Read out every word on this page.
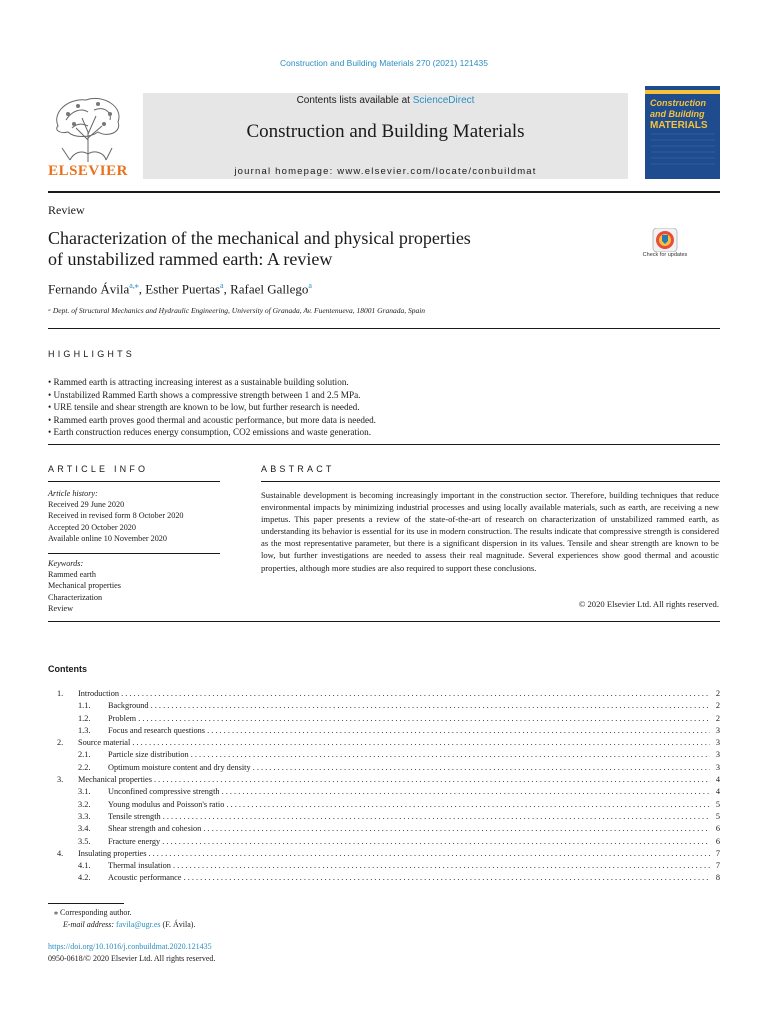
Construction and Building Materials 270 (2021) 121435
ELSEVIER
Contents lists available at ScienceDirect
Construction and Building Materials
journal homepage: www.elsevier.com/locate/conbuildmat
Construction
and Building
MATERIALS
Review
Characterization of the mechanical and physical properties
of unstabilized rammed earth: A review	Check for updates
Fernando Ávila$^{a,⁎}$, Esther Puertas$^a$, Rafael Gallego$^a$
ᵃ Dept. of Structural Mechanics and Hydraulic Engineering, University of Granada, Av. Fuentenueva, 18001 Granada, Spain
HIGHLIGHTS
• Rammed earth is attracting increasing interest as a sustainable building solution.
• Unstabilized Rammed Earth shows a compressive strength between 1 and 2.5 MPa.
• URE tensile and shear strength are known to be low, but further research is needed.
• Rammed earth proves good thermal and acoustic performance, but more data is needed.
• Earth construction reduces energy consumption, CO2 emissions and waste generation.
ARTICLE INFO
Article history:
Received 29 June 2020
Received in revised form 8 October 2020
Accepted 20 October 2020
Available online 10 November 2020
Keywords:
Rammed earth
Mechanical properties
Characterization
Review
ABSTRACT
Sustainable development is becoming increasingly important in the construction sector. Therefore, building techniques that reduce environmental impacts by minimizing industrial processes and using locally available materials, such as earth, are receiving a new impetus. This paper presents a review of the state-of-the-art of research on characterization of unstabilized rammed earth, as understanding its behavior is essential for its use in modern construction. The results indicate that compressive strength is considered as the most representative parameter, but there is a significant dispersion in its values. Tensile and shear strength are known to be low, but further investigations are needed to assess their real magnitude. Several experiences show good thermal and acoustic properties, although more studies are also required to support these conclusions.
© 2020 Elsevier Ltd. All rights reserved.
Contents
1. Introduction . . .	2
1.1. Background . . .	2
1.2. Problem . . .	2
1.3. Focus and research questions . . .	3
2. Source material . . .	3
2.1. Particle size distribution . . .	3
2.2. Optimum moisture content and dry density . . .	3
3. Mechanical properties . . .	4
3.1. Unconfined compressive strength . . .	4
3.2. Young modulus and Poisson's ratio . . .	5
3.3. Tensile strength . . .	5
3.4. Shear strength and cohesion . . .	6
3.5. Fracture energy . . .	6
4. Insulating properties . . .	7
4.1. Thermal insulation . . .	7
4.2. Acoustic performance . . .	8
⁎ Corresponding author.
E-mail address: favila@ugr.es (F. Ávila).
https://doi.org/10.1016/j.conbuildmat.2020.121435
0950-0618/© 2020 Elsevier Ltd. All rights reserved.
